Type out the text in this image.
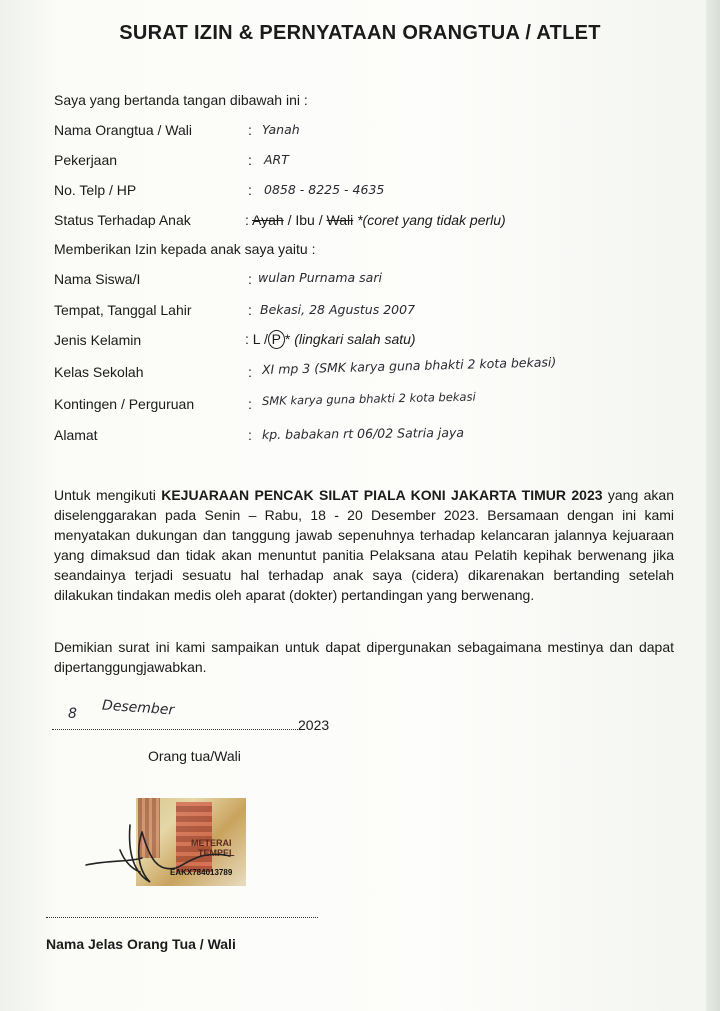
SURAT IZIN & PERNYATAAN ORANGTUA / ATLET
Saya yang bertanda tangan dibawah ini :
Nama Orangtua / Wali	: Yanah
Pekerjaan	: ART
No. Telp / HP	: 0858 - 8225 - 4635
Status Terhadap Anak	: Ayah / Ibu / Wali *(coret yang tidak perlu)
Memberikan Izin kepada anak saya yaitu :
Nama Siswa/I	: wulan Purnama sari
Tempat, Tanggal Lahir	: Bekasi, 28 Agustus 2007
Jenis Kelamin	: L / P * (lingkari salah satu)
Kelas Sekolah	: XI mp 3 (SMK karya guna bhakti 2 kota bekasi)
Kontingen / Perguruan	: SMK karya guna bhakti 2 kota bekasi
Alamat	: kp. babakan rt 06/02 Satria jaya
Untuk mengikuti KEJUARAAN PENCAK SILAT PIALA KONI JAKARTA TIMUR 2023 yang akan diselenggarakan pada Senin – Rabu, 18 - 20 Desember 2023. Bersamaan dengan ini kami menyatakan dukungan dan tanggung jawab sepenuhnya terhadap kelancaran jalannya kejuaraan yang dimaksud dan tidak akan menuntut panitia Pelaksana atau Pelatih kepihak berwenang jika seandainya terjadi sesuatu hal terhadap anak saya (cidera) dikarenakan bertanding setelah dilakukan tindakan medis oleh aparat (dokter) pertandingan yang berwenang.
Demikian surat ini kami sampaikan untuk dapat dipergunakan sebagaimana mestinya dan dapat dipertanggungjawabkan.
8 Desember
2023
Orang tua/Wali
METERAI
TEMPEL
EAKX784013789
Nama Jelas Orang Tua / Wali
